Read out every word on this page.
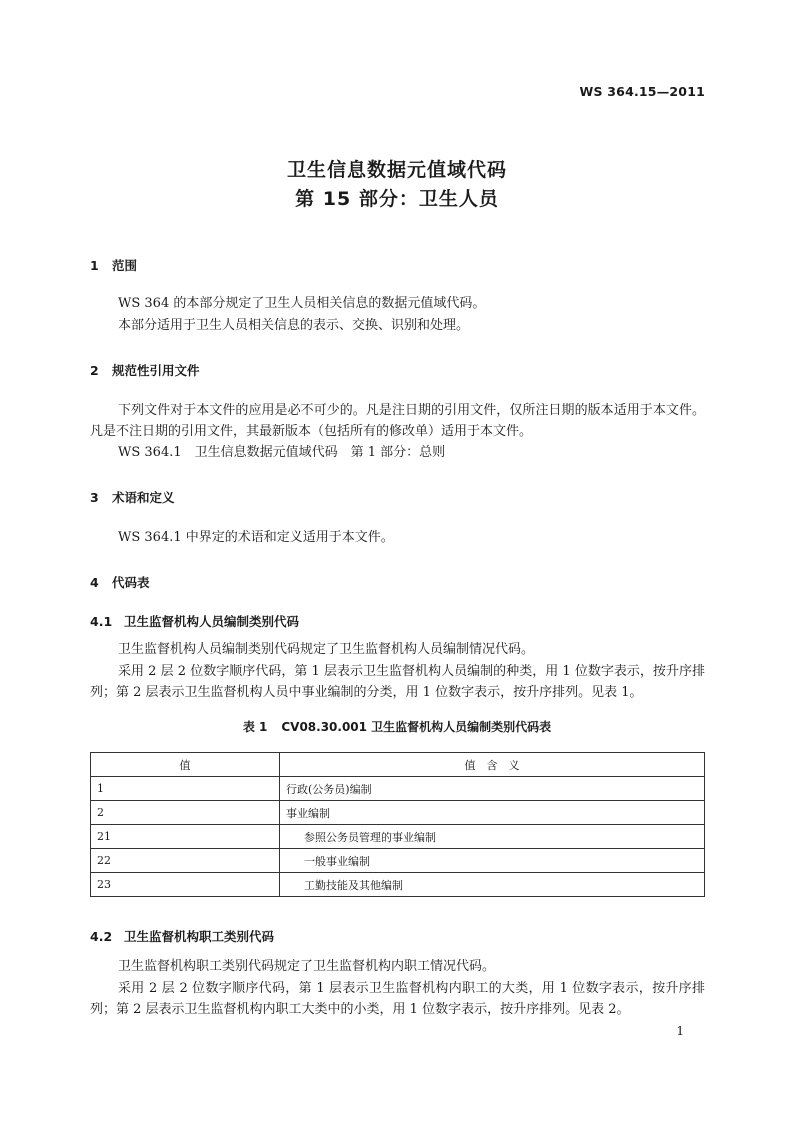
WS 364.15—2011
卫生信息数据元值域代码
第 15 部分：卫生人员
1 范围
WS 364 的本部分规定了卫生人员相关信息的数据元值域代码。
本部分适用于卫生人员相关信息的表示、交换、识别和处理。
2 规范性引用文件
下列文件对于本文件的应用是必不可少的。凡是注日期的引用文件，仅所注日期的版本适用于本文件。凡是不注日期的引用文件，其最新版本（包括所有的修改单）适用于本文件。
WS 364.1　卫生信息数据元值域代码　第 1 部分：总则
3 术语和定义
WS 364.1 中界定的术语和定义适用于本文件。
4 代码表
4.1 卫生监督机构人员编制类别代码
卫生监督机构人员编制类别代码规定了卫生监督机构人员编制情况代码。
采用 2 层 2 位数字顺序代码，第 1 层表示卫生监督机构人员编制的种类，用 1 位数字表示，按升序排列；第 2 层表示卫生监督机构人员中事业编制的分类，用 1 位数字表示，按升序排列。见表 1。
表 1 CV08.30.001 卫生监督机构人员编制类别代码表
值	值　含　义
1	行政(公务员)编制
2	事业编制
21	参照公务员管理的事业编制
22	一般事业编制
23	工勤技能及其他编制
4.2 卫生监督机构职工类别代码
卫生监督机构职工类别代码规定了卫生监督机构内职工情况代码。
采用 2 层 2 位数字顺序代码，第 1 层表示卫生监督机构内职工的大类，用 1 位数字表示，按升序排列；第 2 层表示卫生监督机构内职工大类中的小类，用 1 位数字表示，按升序排列。见表 2。
1
